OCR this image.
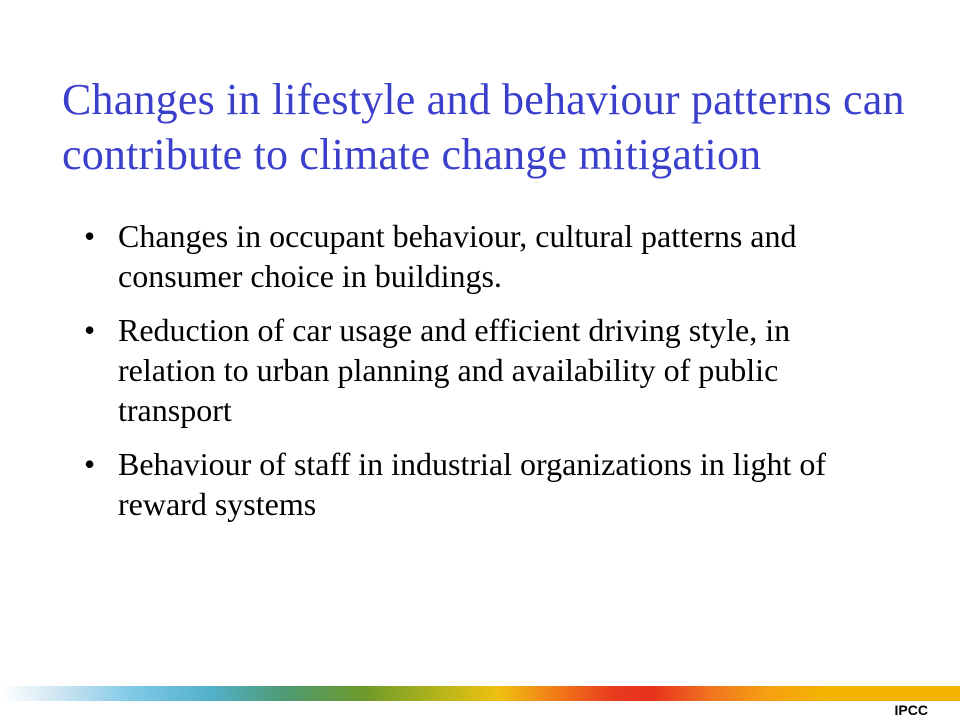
Changes in lifestyle and behaviour patterns can contribute to climate change mitigation
• Changes in occupant behaviour, cultural patterns and consumer choice in buildings.
• Reduction of car usage and efficient driving style, in relation to urban planning and availability of public transport
• Behaviour of staff in industrial organizations in light of reward systems

IPCC
